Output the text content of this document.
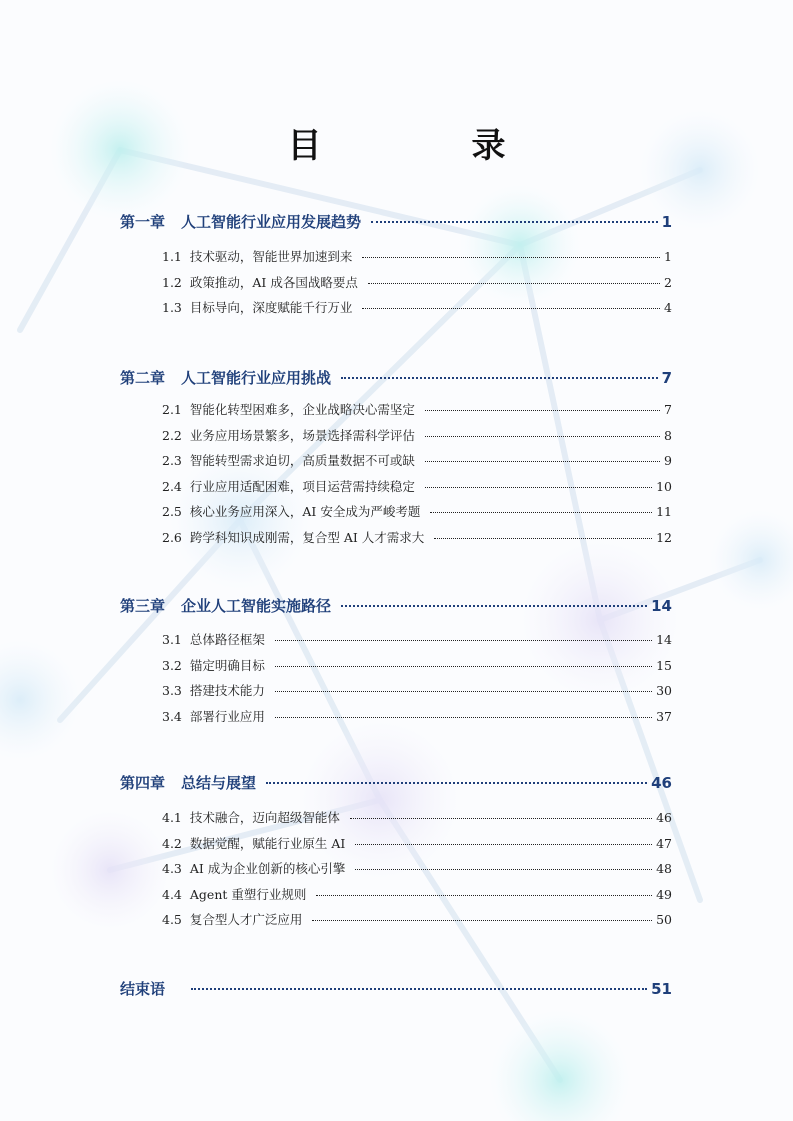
目　录
第一章 人工智能行业应用发展趋势	1
1.1 技术驱动，智能世界加速到来	1
1.2 政策推动，AI 成各国战略要点	2
1.3 目标导向，深度赋能千行万业	4
第二章 人工智能行业应用挑战	7
2.1 智能化转型困难多，企业战略决心需坚定	7
2.2 业务应用场景繁多，场景选择需科学评估	8
2.3 智能转型需求迫切，高质量数据不可或缺	9
2.4 行业应用适配困难，项目运营需持续稳定	10
2.5 核心业务应用深入，AI 安全成为严峻考题	11
2.6 跨学科知识成刚需，复合型 AI 人才需求大	12
第三章 企业人工智能实施路径	14
3.1 总体路径框架	14
3.2 锚定明确目标	15
3.3 搭建技术能力	30
3.4 部署行业应用	37
第四章 总结与展望	46
4.1 技术融合，迈向超级智能体	46
4.2 数据觉醒，赋能行业原生 AI	47
4.3 AI 成为企业创新的核心引擎	48
4.4 Agent 重塑行业规则	49
4.5 复合型人才广泛应用	50
结束语	51
